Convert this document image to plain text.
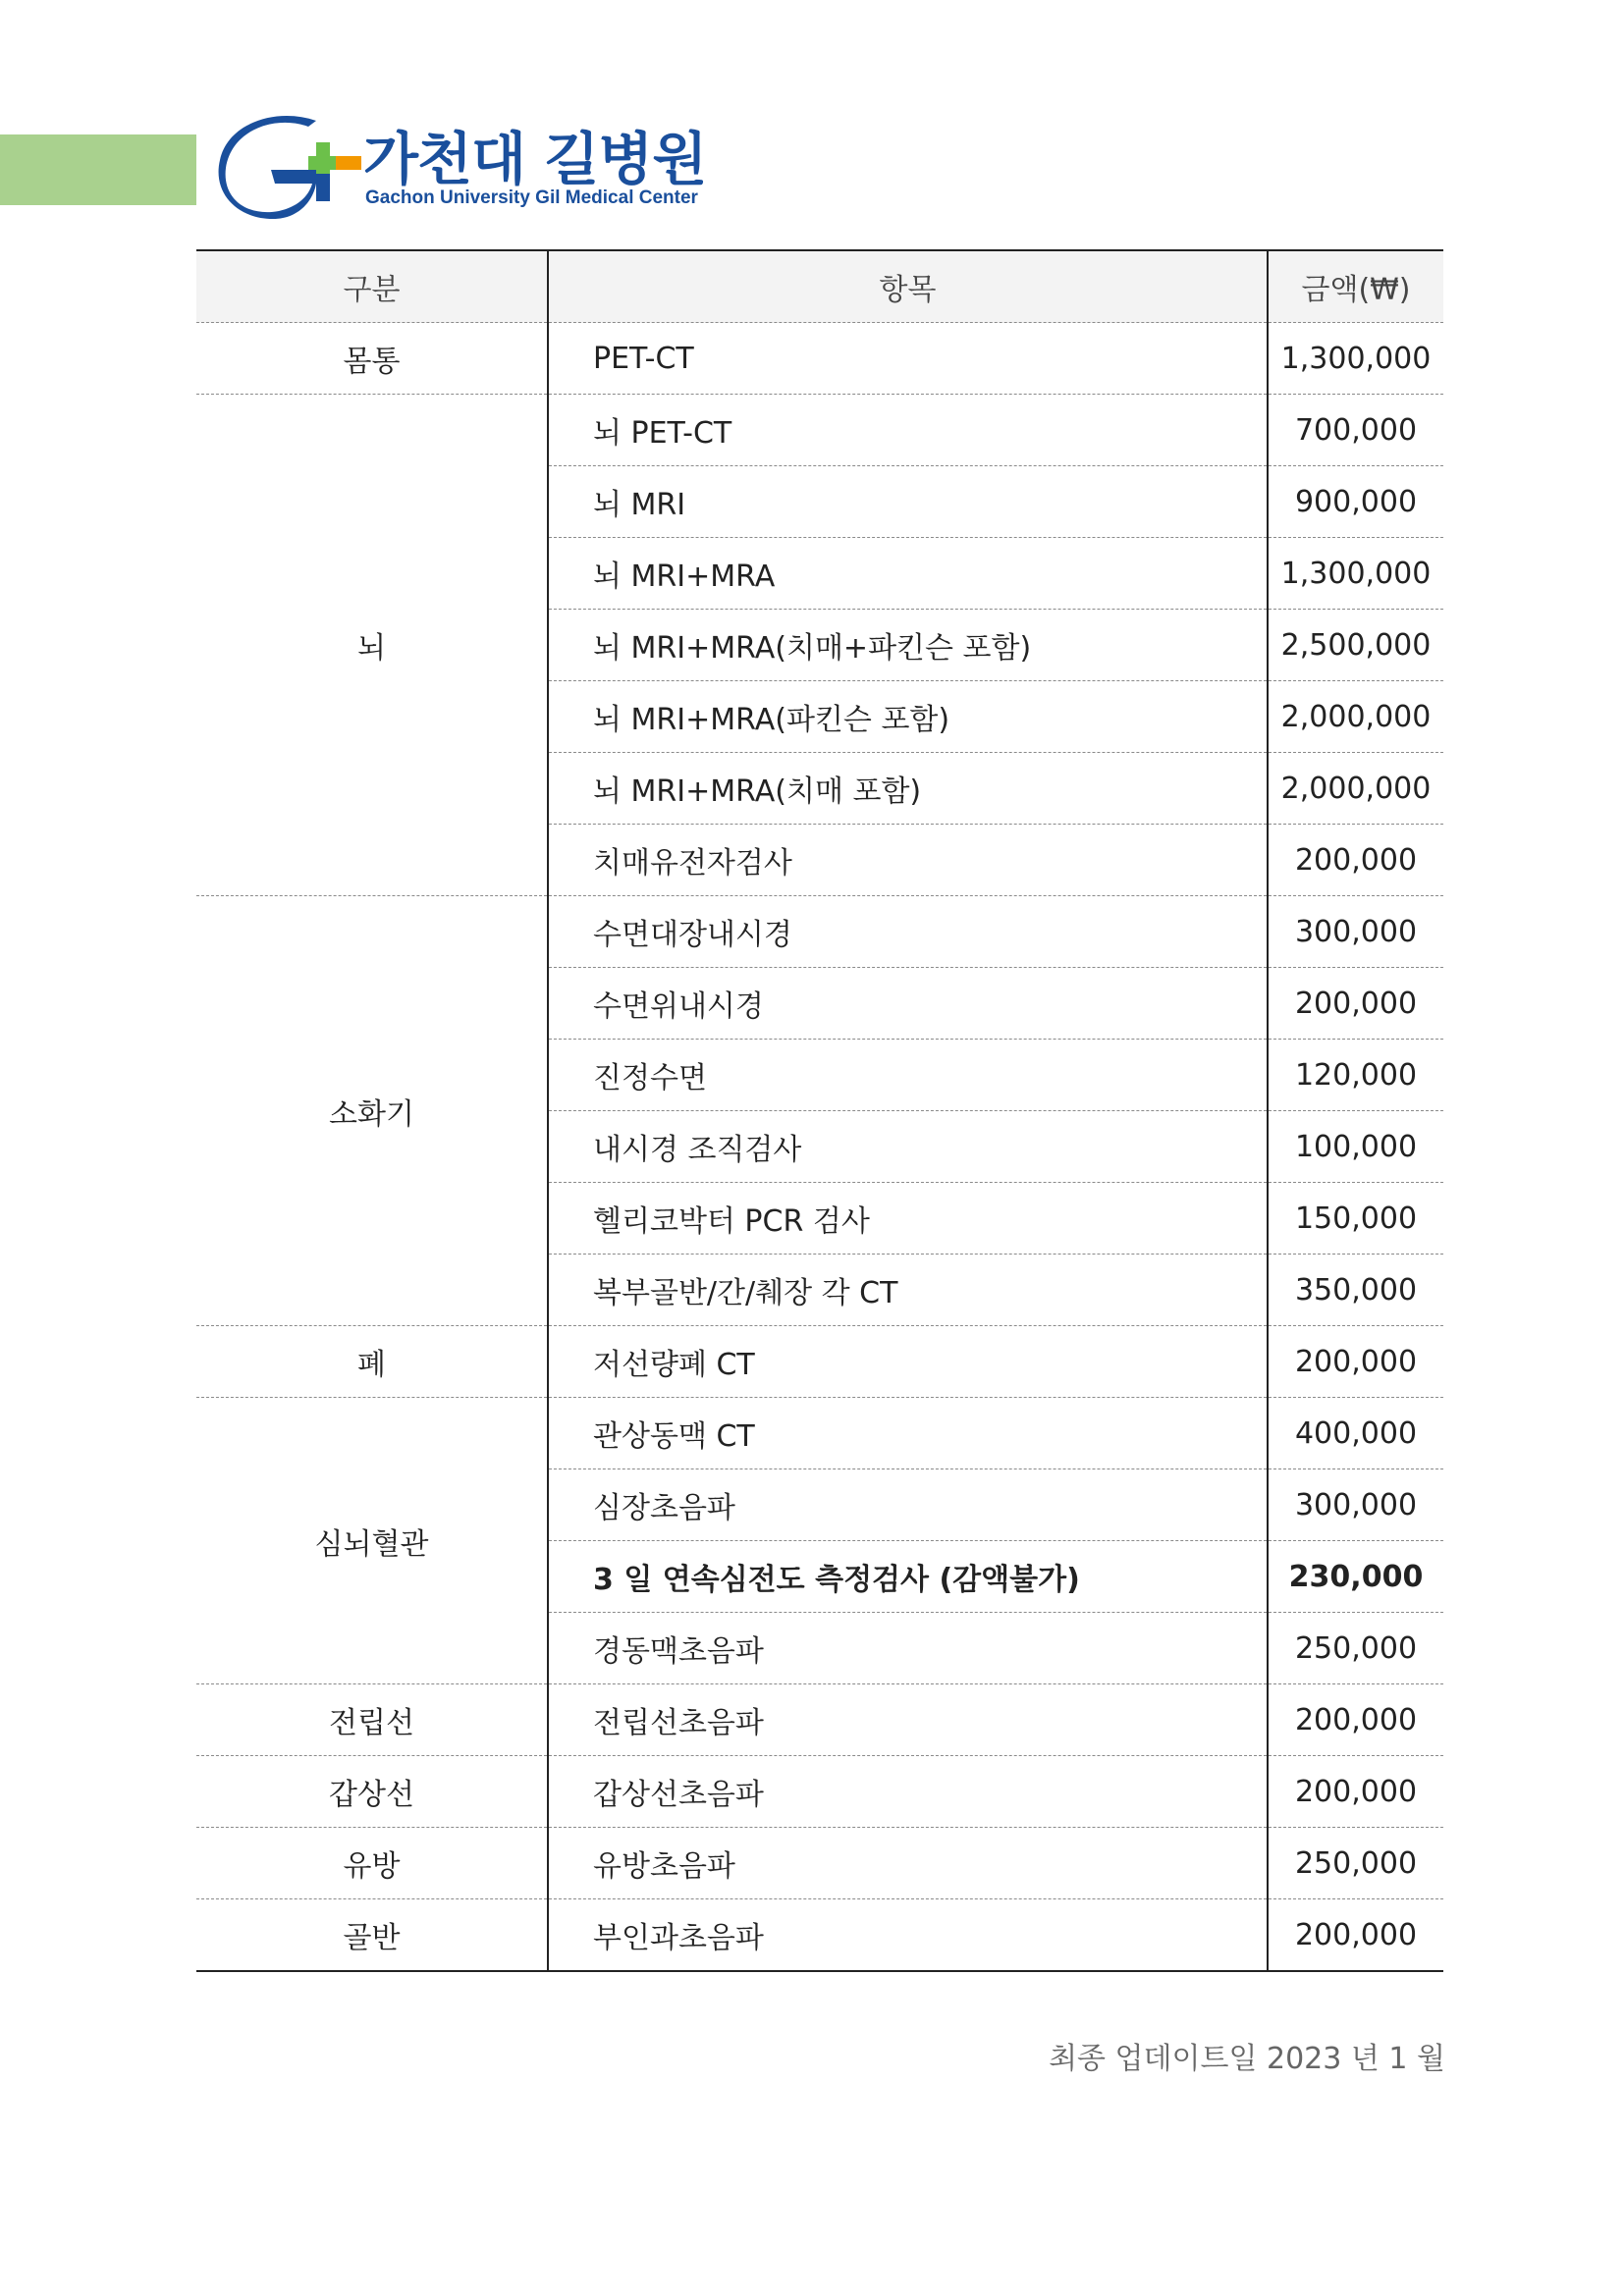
가천대 길병원
Gachon University Gil Medical Center
구분	항목	금액(₩)
몸통	PET-CT	1,300,000
뇌	뇌 PET-CT	700,000
	뇌 MRI	900,000
	뇌 MRI+MRA	1,300,000
	뇌 MRI+MRA(치매+파킨슨 포함)	2,500,000
	뇌 MRI+MRA(파킨슨 포함)	2,000,000
	뇌 MRI+MRA(치매 포함)	2,000,000
	치매유전자검사	200,000
소화기	수면대장내시경	300,000
	수면위내시경	200,000
	진정수면	120,000
	내시경 조직검사	100,000
	헬리코박터 PCR 검사	150,000
	복부골반/간/췌장 각 CT	350,000
폐	저선량폐 CT	200,000
심뇌혈관	관상동맥 CT	400,000
	심장초음파	300,000
	3 일 연속심전도 측정검사 (감액불가)	230,000
	경동맥초음파	250,000
전립선	전립선초음파	200,000
갑상선	갑상선초음파	200,000
유방	유방초음파	250,000
골반	부인과초음파	200,000
최종 업데이트일 2023 년 1 월
